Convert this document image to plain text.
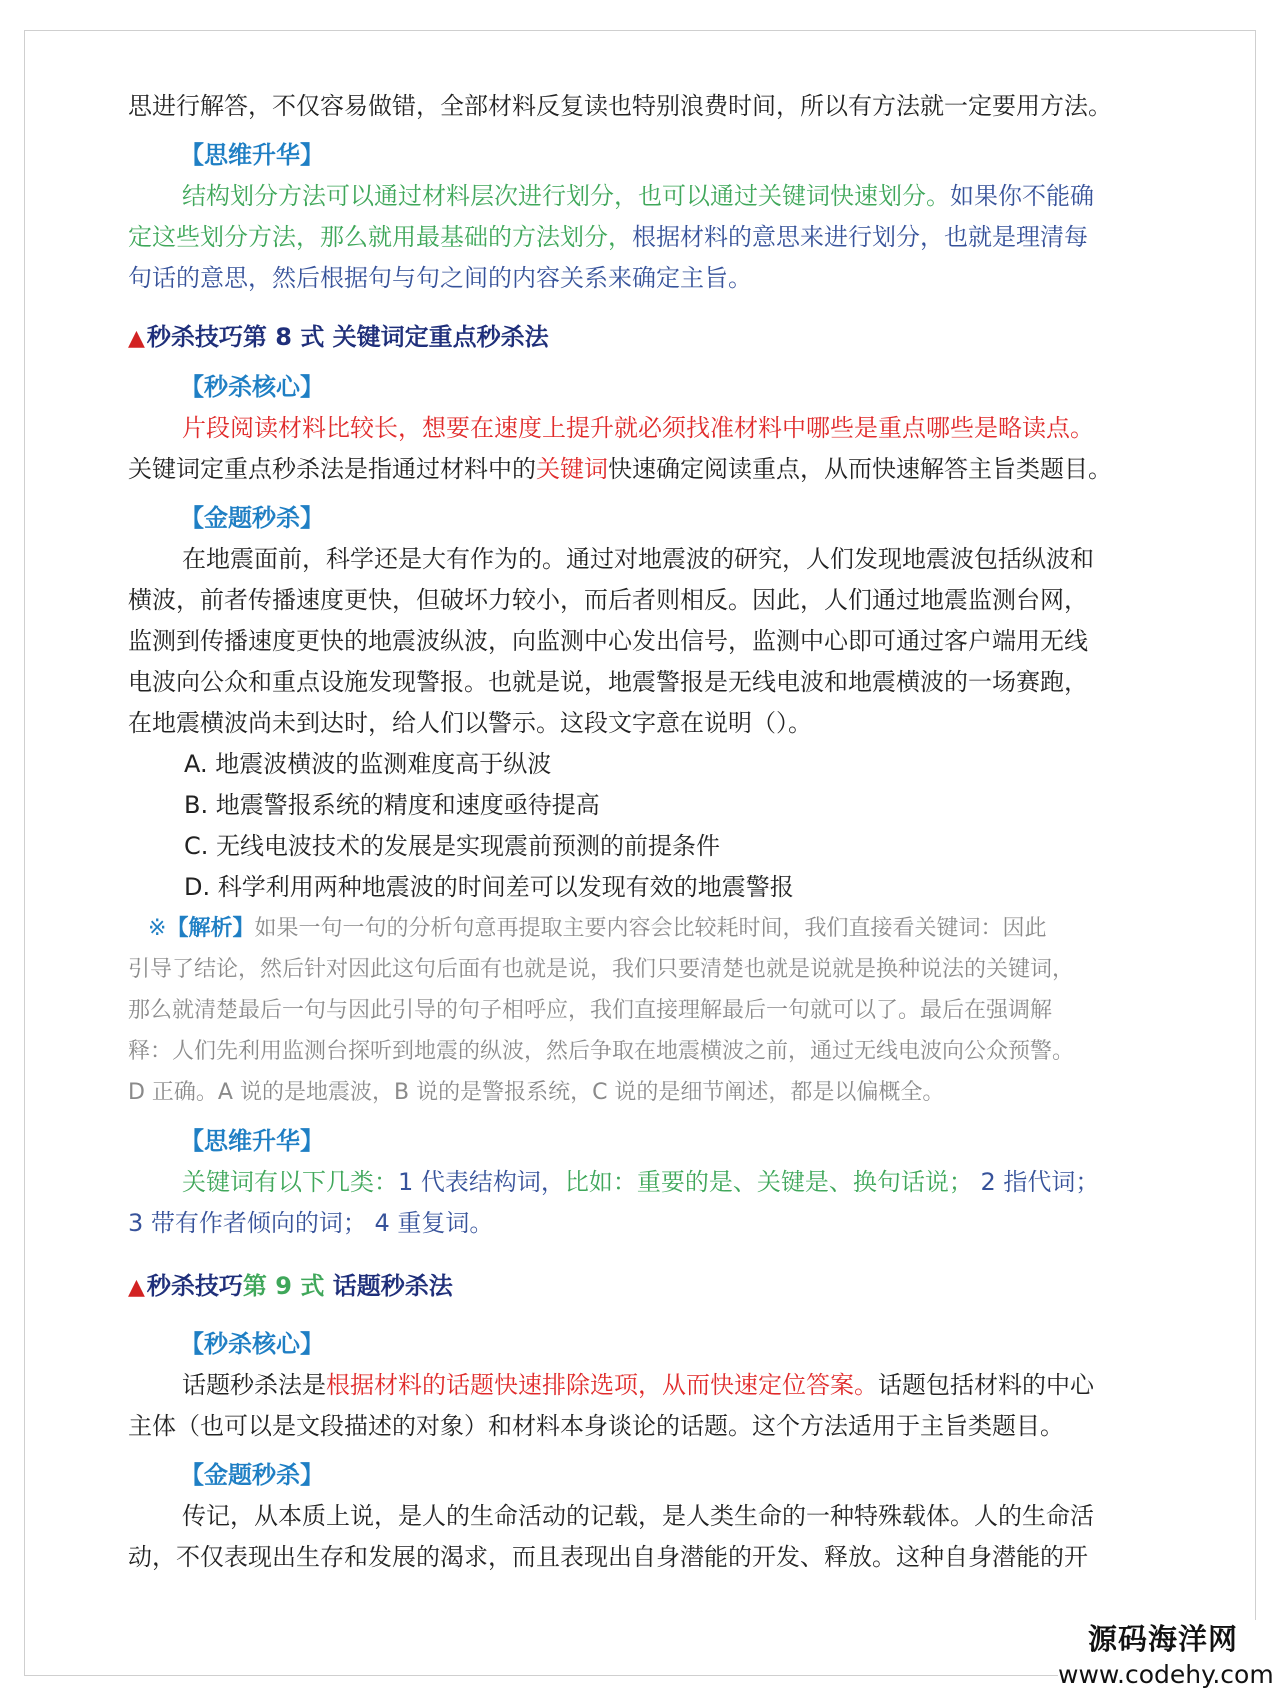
思进行解答，不仅容易做错，全部材料反复读也特别浪费时间，所以有方法就一定要用方法。

【思维升华】

结构划分方法可以通过材料层次进行划分，也可以通过关键词快速划分。如果你不能确

定这些划分方法，那么就用最基础的方法划分，根据材料的意思来进行划分，也就是理清每

句话的意思，然后根据句与句之间的内容关系来确定主旨。

▲秒杀技巧第 8 式 关键词定重点秒杀法
【秒杀核心】

片段阅读材料比较长，想要在速度上提升就必须找准材料中哪些是重点哪些是略读点。

关键词定重点秒杀法是指通过材料中的关键词快速确定阅读重点，从而快速解答主旨类题目。

【金题秒杀】

在地震面前，科学还是大有作为的。通过对地震波的研究，人们发现地震波包括纵波和

横波，前者传播速度更快，但破坏力较小，而后者则相反。因此，人们通过地震监测台网，

监测到传播速度更快的地震波纵波，向监测中心发出信号，监测中心即可通过客户端用无线

电波向公众和重点设施发现警报。也就是说，地震警报是无线电波和地震横波的一场赛跑，

在地震横波尚未到达时，给人们以警示。这段文字意在说明（）。

A. 地震波横波的监测难度高于纵波

B. 地震警报系统的精度和速度亟待提高

C. 无线电波技术的发展是实现震前预测的前提条件

D. 科学利用两种地震波的时间差可以发现有效的地震警报

※【解析】如果一句一句的分析句意再提取主要内容会比较耗时间，我们直接看关键词：因此

引导了结论，然后针对因此这句后面有也就是说，我们只要清楚也就是说就是换种说法的关键词，

那么就清楚最后一句与因此引导的句子相呼应，我们直接理解最后一句就可以了。最后在强调解

释：人们先利用监测台探听到地震的纵波，然后争取在地震横波之前，通过无线电波向公众预警。

D 正确。A 说的是地震波，B 说的是警报系统，C 说的是细节阐述，都是以偏概全。

【思维升华】

关键词有以下几类：1 代表结构词，比如：重要的是、关键是、换句话说； 2 指代词；

3 带有作者倾向的词； 4 重复词。

▲秒杀技巧第 9 式 话题秒杀法
【秒杀核心】

话题秒杀法是根据材料的话题快速排除选项，从而快速定位答案。话题包括材料的中心

主体（也可以是文段描述的对象）和材料本身谈论的话题。这个方法适用于主旨类题目。

【金题秒杀】

传记，从本质上说，是人的生命活动的记载，是人类生命的一种特殊载体。人的生命活

动，不仅表现出生存和发展的渴求，而且表现出自身潜能的开发、释放。这种自身潜能的开

源码海洋网
www.codehy.com
